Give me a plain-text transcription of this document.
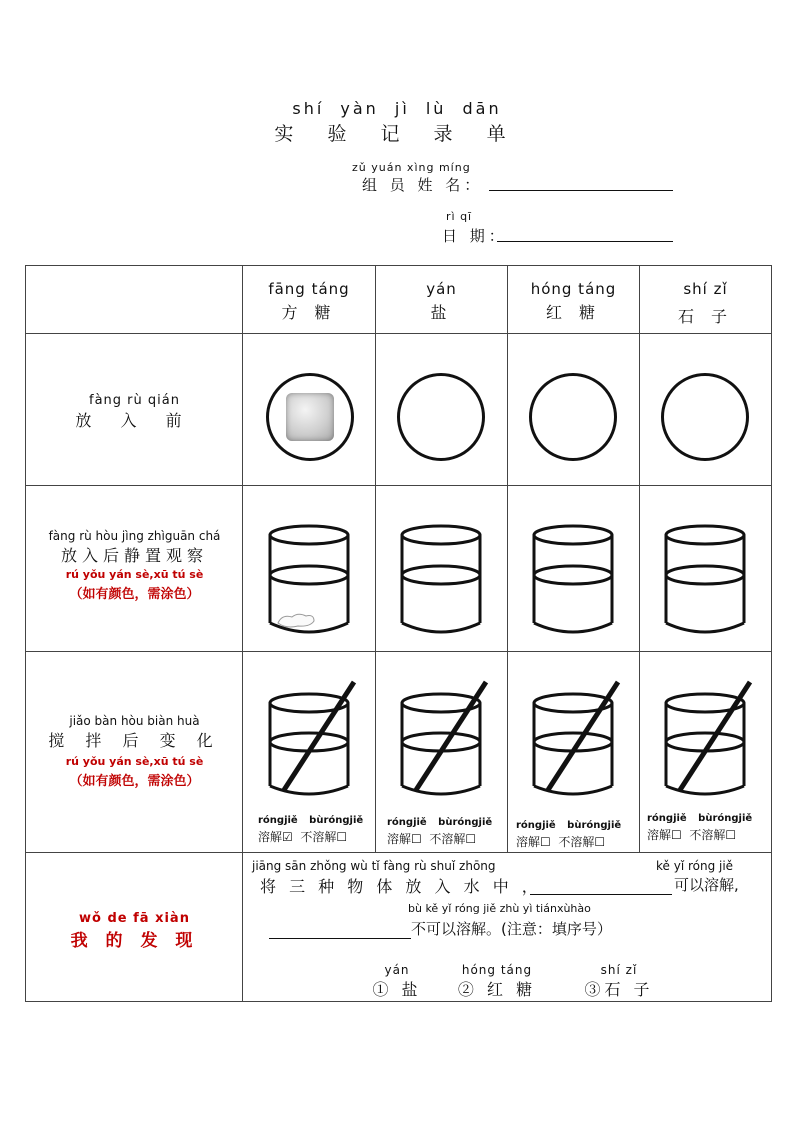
shí yàn jì lù dān
实 验 记 录 单
zǔ yuán xìng míng
组 员 姓 名：
rì qī
日 期：
fāng táng
方 糖
yán
盐
hóng táng
红 糖
shí zǐ
石 子
fàng rù qián
放 入 前
fàng rù hòu jìng zhìguān chá
放入后静置观察
rú yǒu yán sè,xū tú sè
（如有颜色，需涂色）
jiǎo bàn hòu biàn huà
搅 拌 后 变 化
rú yǒu yán sè,xū tú sè
（如有颜色，需涂色）
wǒ de fā xiàn
我 的 发 现
róngjiě bùróngjiě
溶解☑ 不溶解☐
róngjiě bùróngjiě
溶解☐ 不溶解☐
róngjiě bùróngjiě
溶解☐ 不溶解☐
róngjiě bùróngjiě
溶解☐ 不溶解☐
jiāng sān zhǒng wù tǐ fàng rù shuǐ zhōng
将 三 种 物 体 放 入 水 中 ，
kě yǐ róng jiě
可以溶解,
bù kě yǐ róng jiě zhù yì tiánxùhào
不可以溶解。(注意：填序号）
yán
① 盐
hóng táng
② 红 糖
shí zǐ
③石 子
